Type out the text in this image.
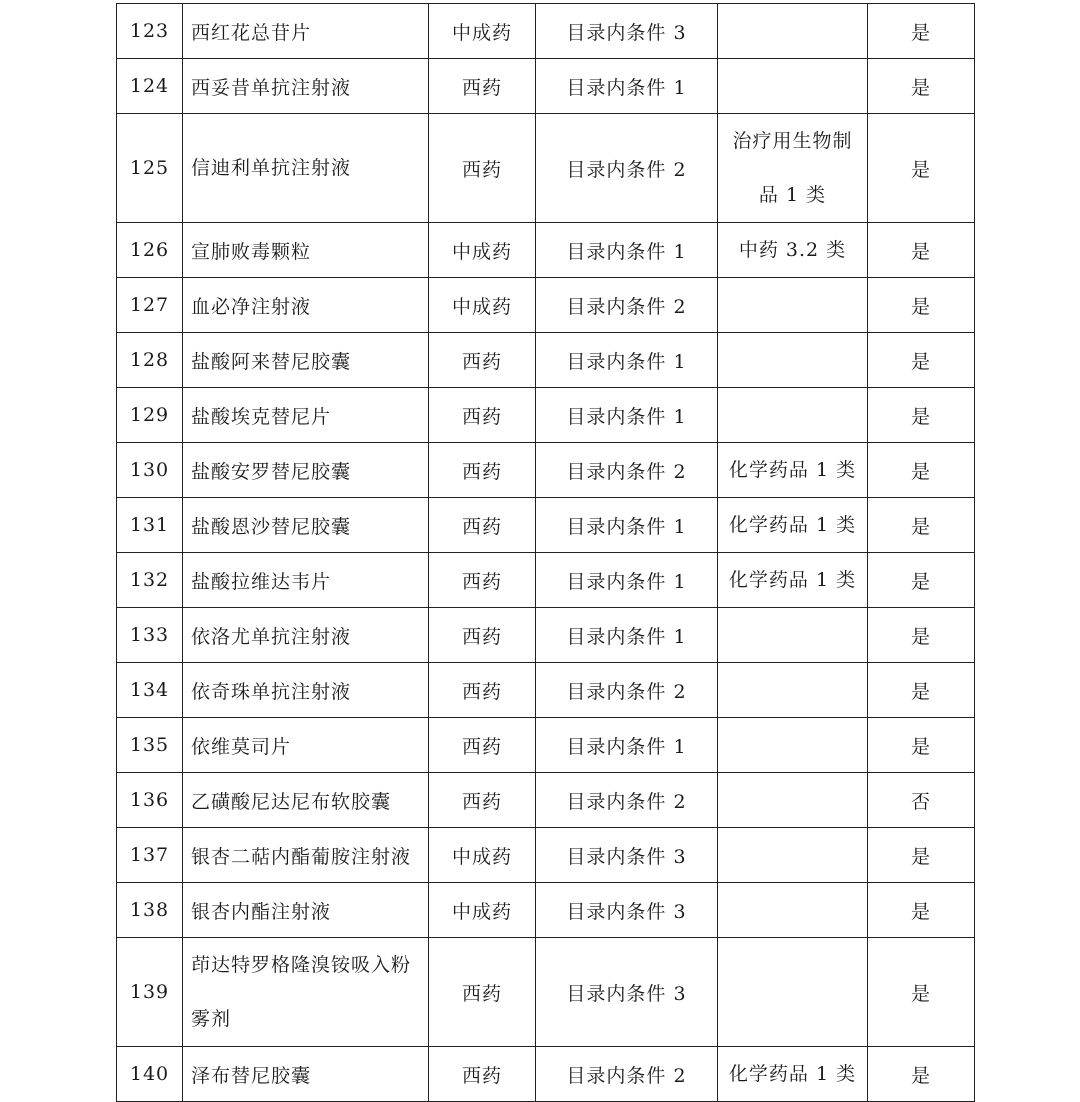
123	西红花总苷片	中成药	目录内条件 3		是
124	西妥昔单抗注射液	西药	目录内条件 1		是
125	信迪利单抗注射液	西药	目录内条件 2	治疗用生物制品 1 类	是
126	宣肺败毒颗粒	中成药	目录内条件 1	中药 3.2 类	是
127	血必净注射液	中成药	目录内条件 2		是
128	盐酸阿来替尼胶囊	西药	目录内条件 1		是
129	盐酸埃克替尼片	西药	目录内条件 1		是
130	盐酸安罗替尼胶囊	西药	目录内条件 2	化学药品 1 类	是
131	盐酸恩沙替尼胶囊	西药	目录内条件 1	化学药品 1 类	是
132	盐酸拉维达韦片	西药	目录内条件 1	化学药品 1 类	是
133	依洛尤单抗注射液	西药	目录内条件 1		是
134	依奇珠单抗注射液	西药	目录内条件 2		是
135	依维莫司片	西药	目录内条件 1		是
136	乙磺酸尼达尼布软胶囊	西药	目录内条件 2		否
137	银杏二萜内酯葡胺注射液	中成药	目录内条件 3		是
138	银杏内酯注射液	中成药	目录内条件 3		是
139	茚达特罗格隆溴铵吸入粉雾剂	西药	目录内条件 3		是
140	泽布替尼胶囊	西药	目录内条件 2	化学药品 1 类	是
